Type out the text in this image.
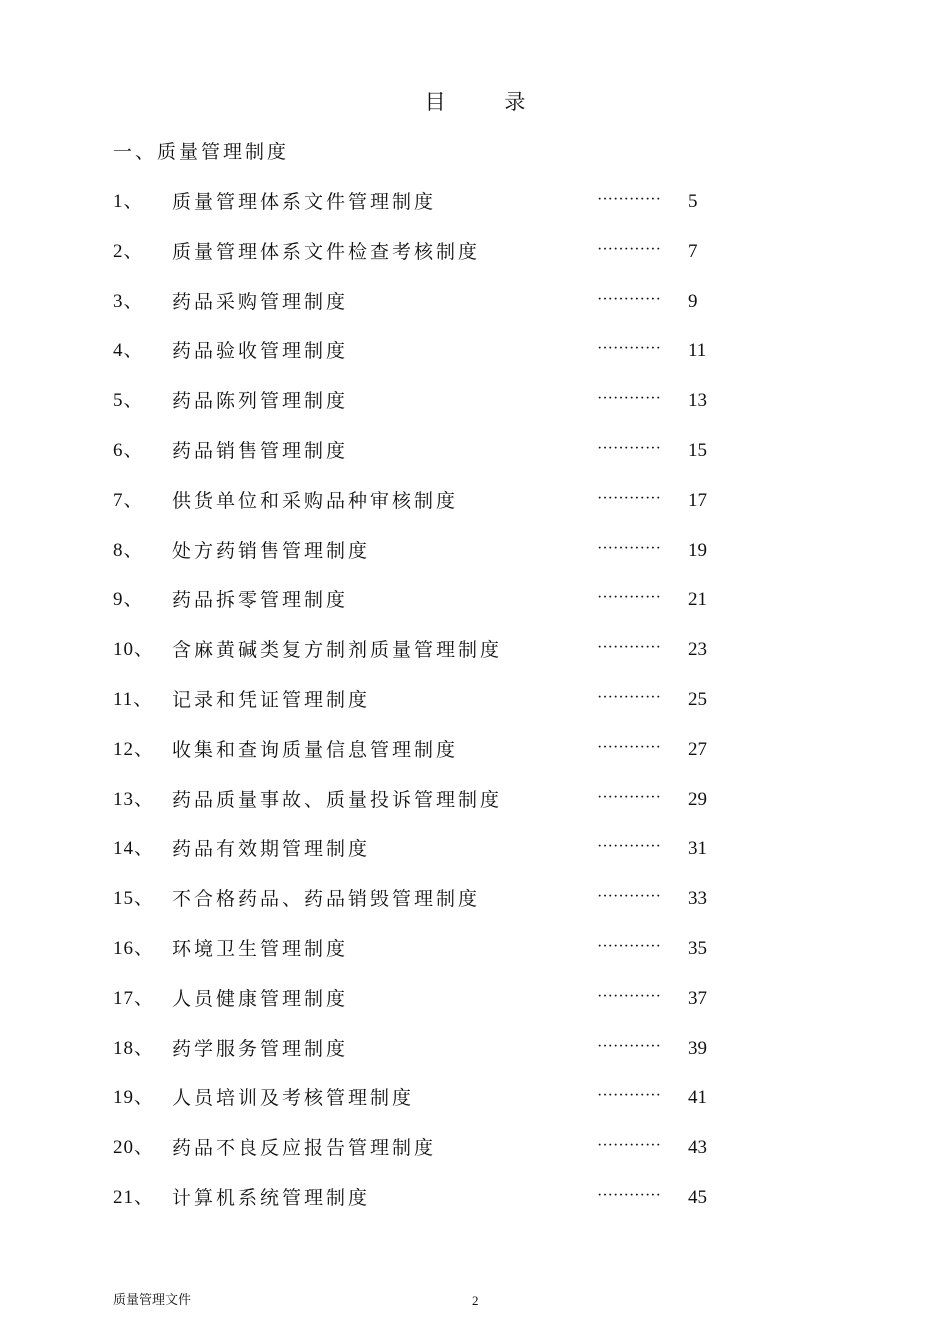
目 录
一、质量管理制度
1、 质量管理体系文件管理制度	············ 5
2、 质量管理体系文件检查考核制度	············ 7
3、 药品采购管理制度	············ 9
4、 药品验收管理制度	············ 11
5、 药品陈列管理制度	············ 13
6、 药品销售管理制度	············ 15
7、 供货单位和采购品种审核制度	············ 17
8、 处方药销售管理制度	············ 19
9、 药品拆零管理制度	············ 21
10、 含麻黄碱类复方制剂质量管理制度	············ 23
11、 记录和凭证管理制度	············ 25
12、 收集和查询质量信息管理制度	············ 27
13、 药品质量事故、质量投诉管理制度	············ 29
14、 药品有效期管理制度	············ 31
15、 不合格药品、药品销毁管理制度	············ 33
16、 环境卫生管理制度	············ 35
17、 人员健康管理制度	············ 37
18、 药学服务管理制度	············ 39
19、 人员培训及考核管理制度	············ 41
20、 药品不良反应报告管理制度	············ 43
21、 计算机系统管理制度	············ 45
质量管理文件	2
